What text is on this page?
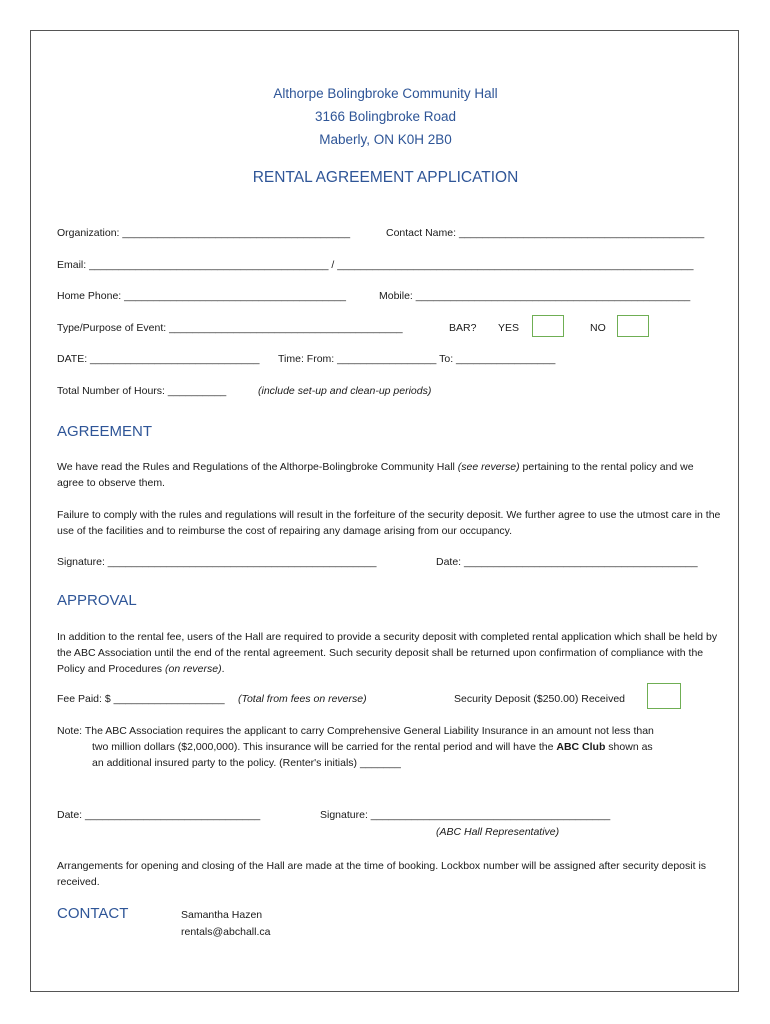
Althorpe Bolingbroke Community Hall
3166 Bolingbroke Road
Maberly, ON K0H 2B0
RENTAL AGREEMENT APPLICATION
Organization: _______________________________________	Contact Name: __________________________________________
Email: _________________________________________ / _____________________________________________________________
Home Phone: ______________________________________	Mobile: _______________________________________________
Type/Purpose of Event: ________________________________________	BAR? YES	NO
DATE: _____________________________ Time: From: _________________ To: _________________
Total Number of Hours: __________	(include set-up and clean-up periods)
AGREEMENT
We have read the Rules and Regulations of the Althorpe-Bolingbroke Community Hall (see reverse) pertaining to the rental policy and we agree to observe them.
Failure to comply with the rules and regulations will result in the forfeiture of the security deposit. We further agree to use the utmost care in the use of the facilities and to reimburse the cost of repairing any damage arising from our occupancy.
Signature: ______________________________________________	Date: ________________________________________
APPROVAL
In addition to the rental fee, users of the Hall are required to provide a security deposit with completed rental application which shall be held by the ABC Association until the end of the rental agreement. Such security deposit shall be returned upon confirmation of compliance with the Policy and Procedures (on reverse).
Fee Paid: $ ___________________ (Total from fees on reverse)	Security Deposit ($250.00) Received
Note: The ABC Association requires the applicant to carry Comprehensive General Liability Insurance in an amount not less than
two million dollars ($2,000,000). This insurance will be carried for the rental period and will have the ABC Club shown as
an additional insured party to the policy. (Renter's initials) _______
Date: ______________________________	Signature: _________________________________________
(ABC Hall Representative)
Arrangements for opening and closing of the Hall are made at the time of booking. Lockbox number will be assigned after security deposit is received.
CONTACT	Samantha Hazen
rentals@abchall.ca
